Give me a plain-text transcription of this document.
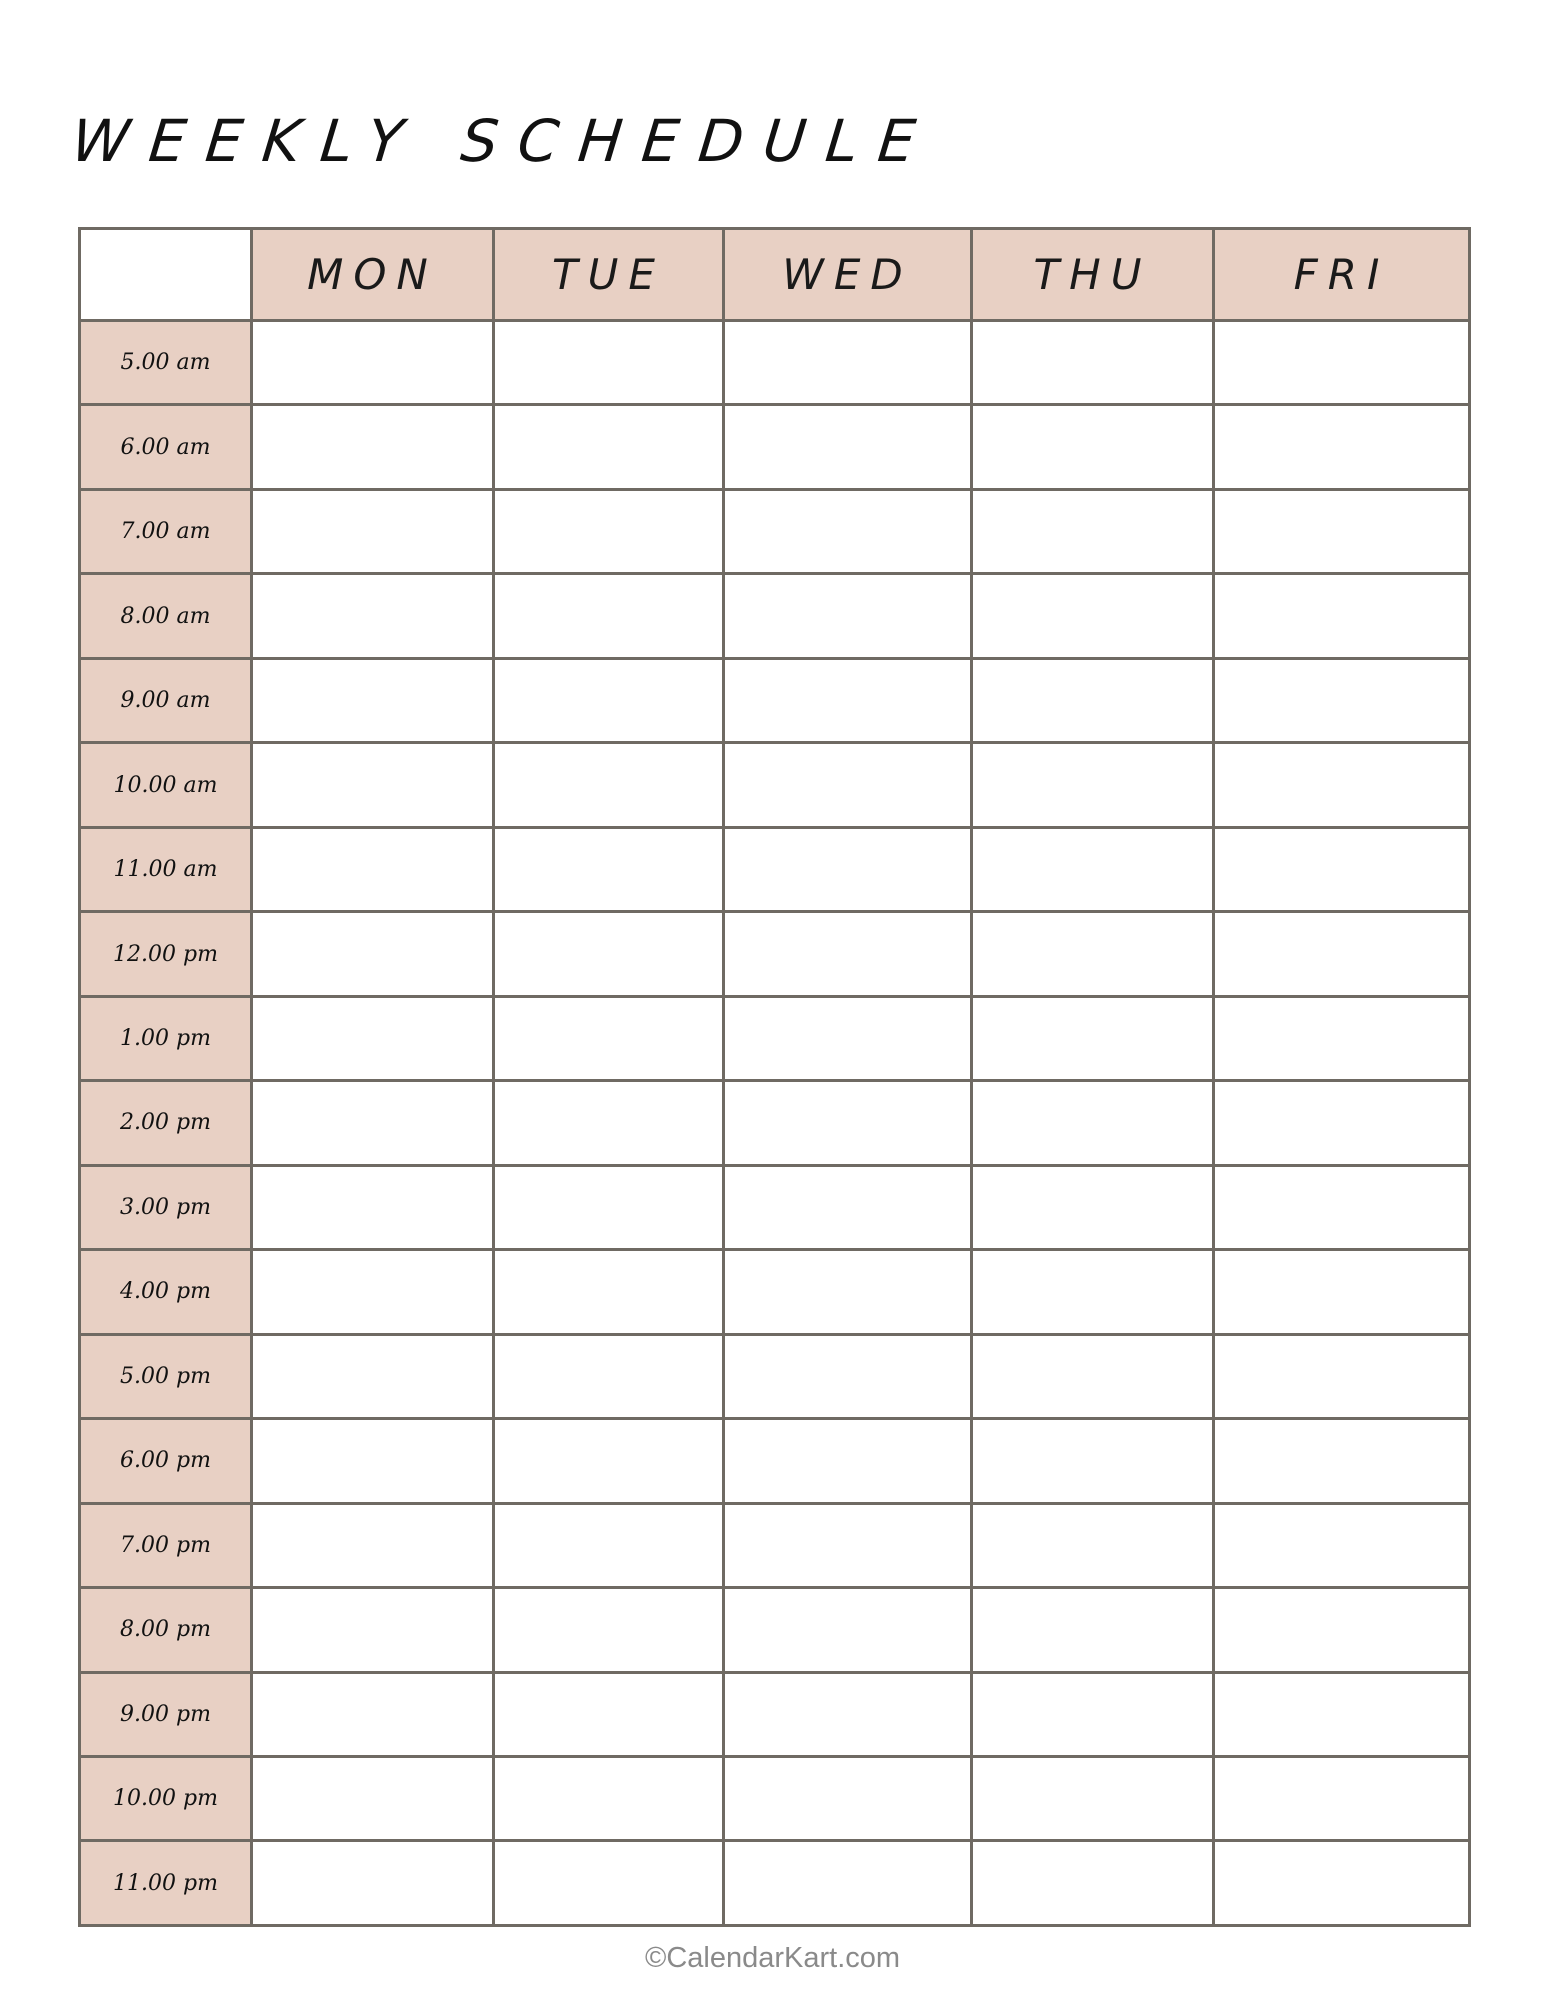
WEEKLY SCHEDULE
	MON	TUE	WED	THU	FRI
5.00 am					
6.00 am					
7.00 am					
8.00 am					
9.00 am					
10.00 am					
11.00 am					
12.00 pm					
1.00 pm					
2.00 pm					
3.00 pm					
4.00 pm					
5.00 pm					
6.00 pm					
7.00 pm					
8.00 pm					
9.00 pm					
10.00 pm					
11.00 pm					
©CalendarKart.com
